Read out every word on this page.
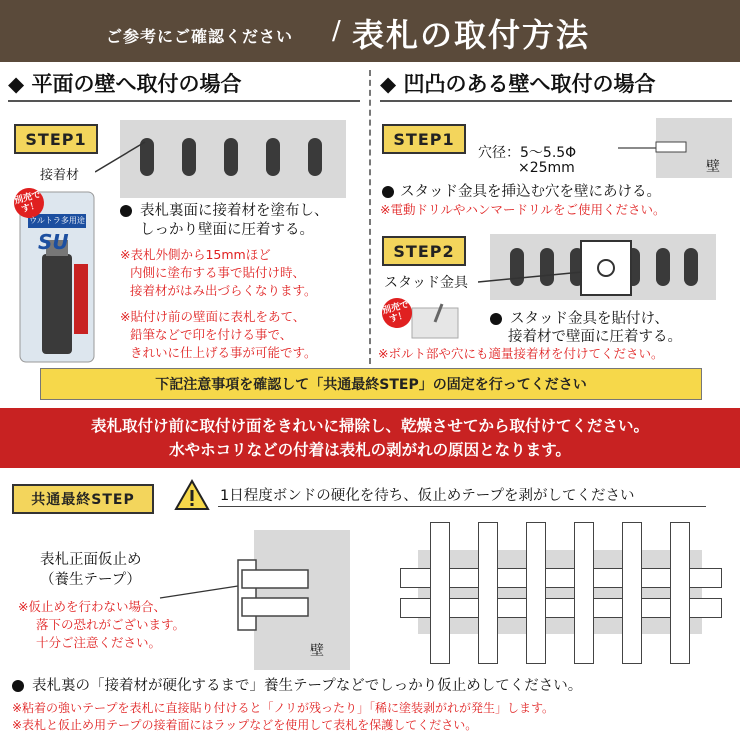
ご参考にご確認ください / 表札の取付方法
◆ 平面の壁へ取付の場合
STEP1
接着材
別売です！
ウルトラ多用途
SU
表札裏面に接着材を塗布し、
しっかり壁面に圧着する。
※表札外側から15mmほど
内側に塗布する事で貼付け時、
接着材がはみ出づらくなります。
※貼付け前の壁面に表札をあて、
鉛筆などで印を付ける事で、
きれいに仕上げる事が可能です。
◆ 凹凸のある壁へ取付の場合
STEP1
穴径：5～5.5Φ
×25mm	壁
スタッド金具を挿込む穴を壁にあける。
※電動ドリルやハンマードリルをご使用ください。
STEP2
スタッド金具
別売です！	スタッド金具を貼付け、
接着材で壁面に圧着する。
※ボルト部や穴にも適量接着材を付けてください。
下記注意事項を確認して「共通最終STEP」の固定を行ってください
表札取付け前に取付け面をきれいに掃除し、乾燥させてから取付けてください。
水やホコリなどの付着は表札の剥がれの原因となります。
共通最終STEP	1日程度ボンドの硬化を待ち、仮止めテープを剥がしてください
表札正面仮止め
（養生テープ）
※仮止めを行わない場合、
落下の恐れがございます。
十分ご注意ください。
壁
表札裏の「接着材が硬化するまで」養生テープなどでしっかり仮止めしてください。
※粘着の強いテープを表札に直接貼り付けると「ノリが残ったり」「稀に塗装剥がれが発生」します。
※表札と仮止め用テープの接着面にはラップなどを使用して表札を保護してください。
